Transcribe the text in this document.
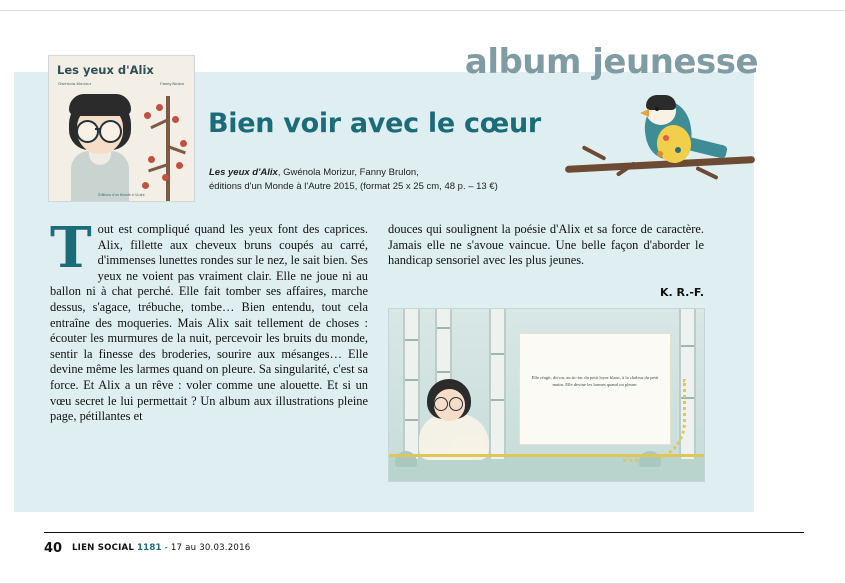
album jeunesse
Les yeux d'Alix
Gwénola Morizur	Fanny Brulon
Éditions d'un Monde à l'Autre
Bien voir avec le cœur
Les yeux d'Alix, Gwénola Morizur, Fanny Brulon,
éditions d'un Monde à l'Autre 2015, (format 25 x 25 cm, 48 p. – 13 €)
Tout est compliqué quand les yeux font des caprices. Alix, fillette aux cheveux bruns coupés au carré, d'immenses lunettes rondes sur le nez, le sait bien. Ses yeux ne voient pas vraiment clair. Elle ne joue ni au ballon ni à chat perché. Elle fait tomber ses affaires, marche dessus, s'agace, trébuche, tombe… Bien entendu, tout cela entraîne des moqueries. Mais Alix sait tellement de choses : écouter les murmures de la nuit, percevoir les bruits du monde, sentir la finesse des broderies, sourire aux mésanges… Elle devine même les larmes quand on pleure. Sa singularité, c'est sa force. Et Alix a un rêve : voler comme une alouette. Et si un vœu secret le lui permettait ? Un album aux illustrations pleine page, pétillantes et
douces qui soulignent la poésie d'Alix et sa force de caractère. Jamais elle ne s'avoue vaincue. Une belle façon d'aborder le handicap sensoriel avec les plus jeunes.
K. R.-F.
Elle réagit, dit-on, au tic-tac du petit loyer blanc, à la chaleur du petit matin. Elle devine les larmes quand on pleure.
40 LIEN SOCIAL 1181 - 17 au 30.03.2016
